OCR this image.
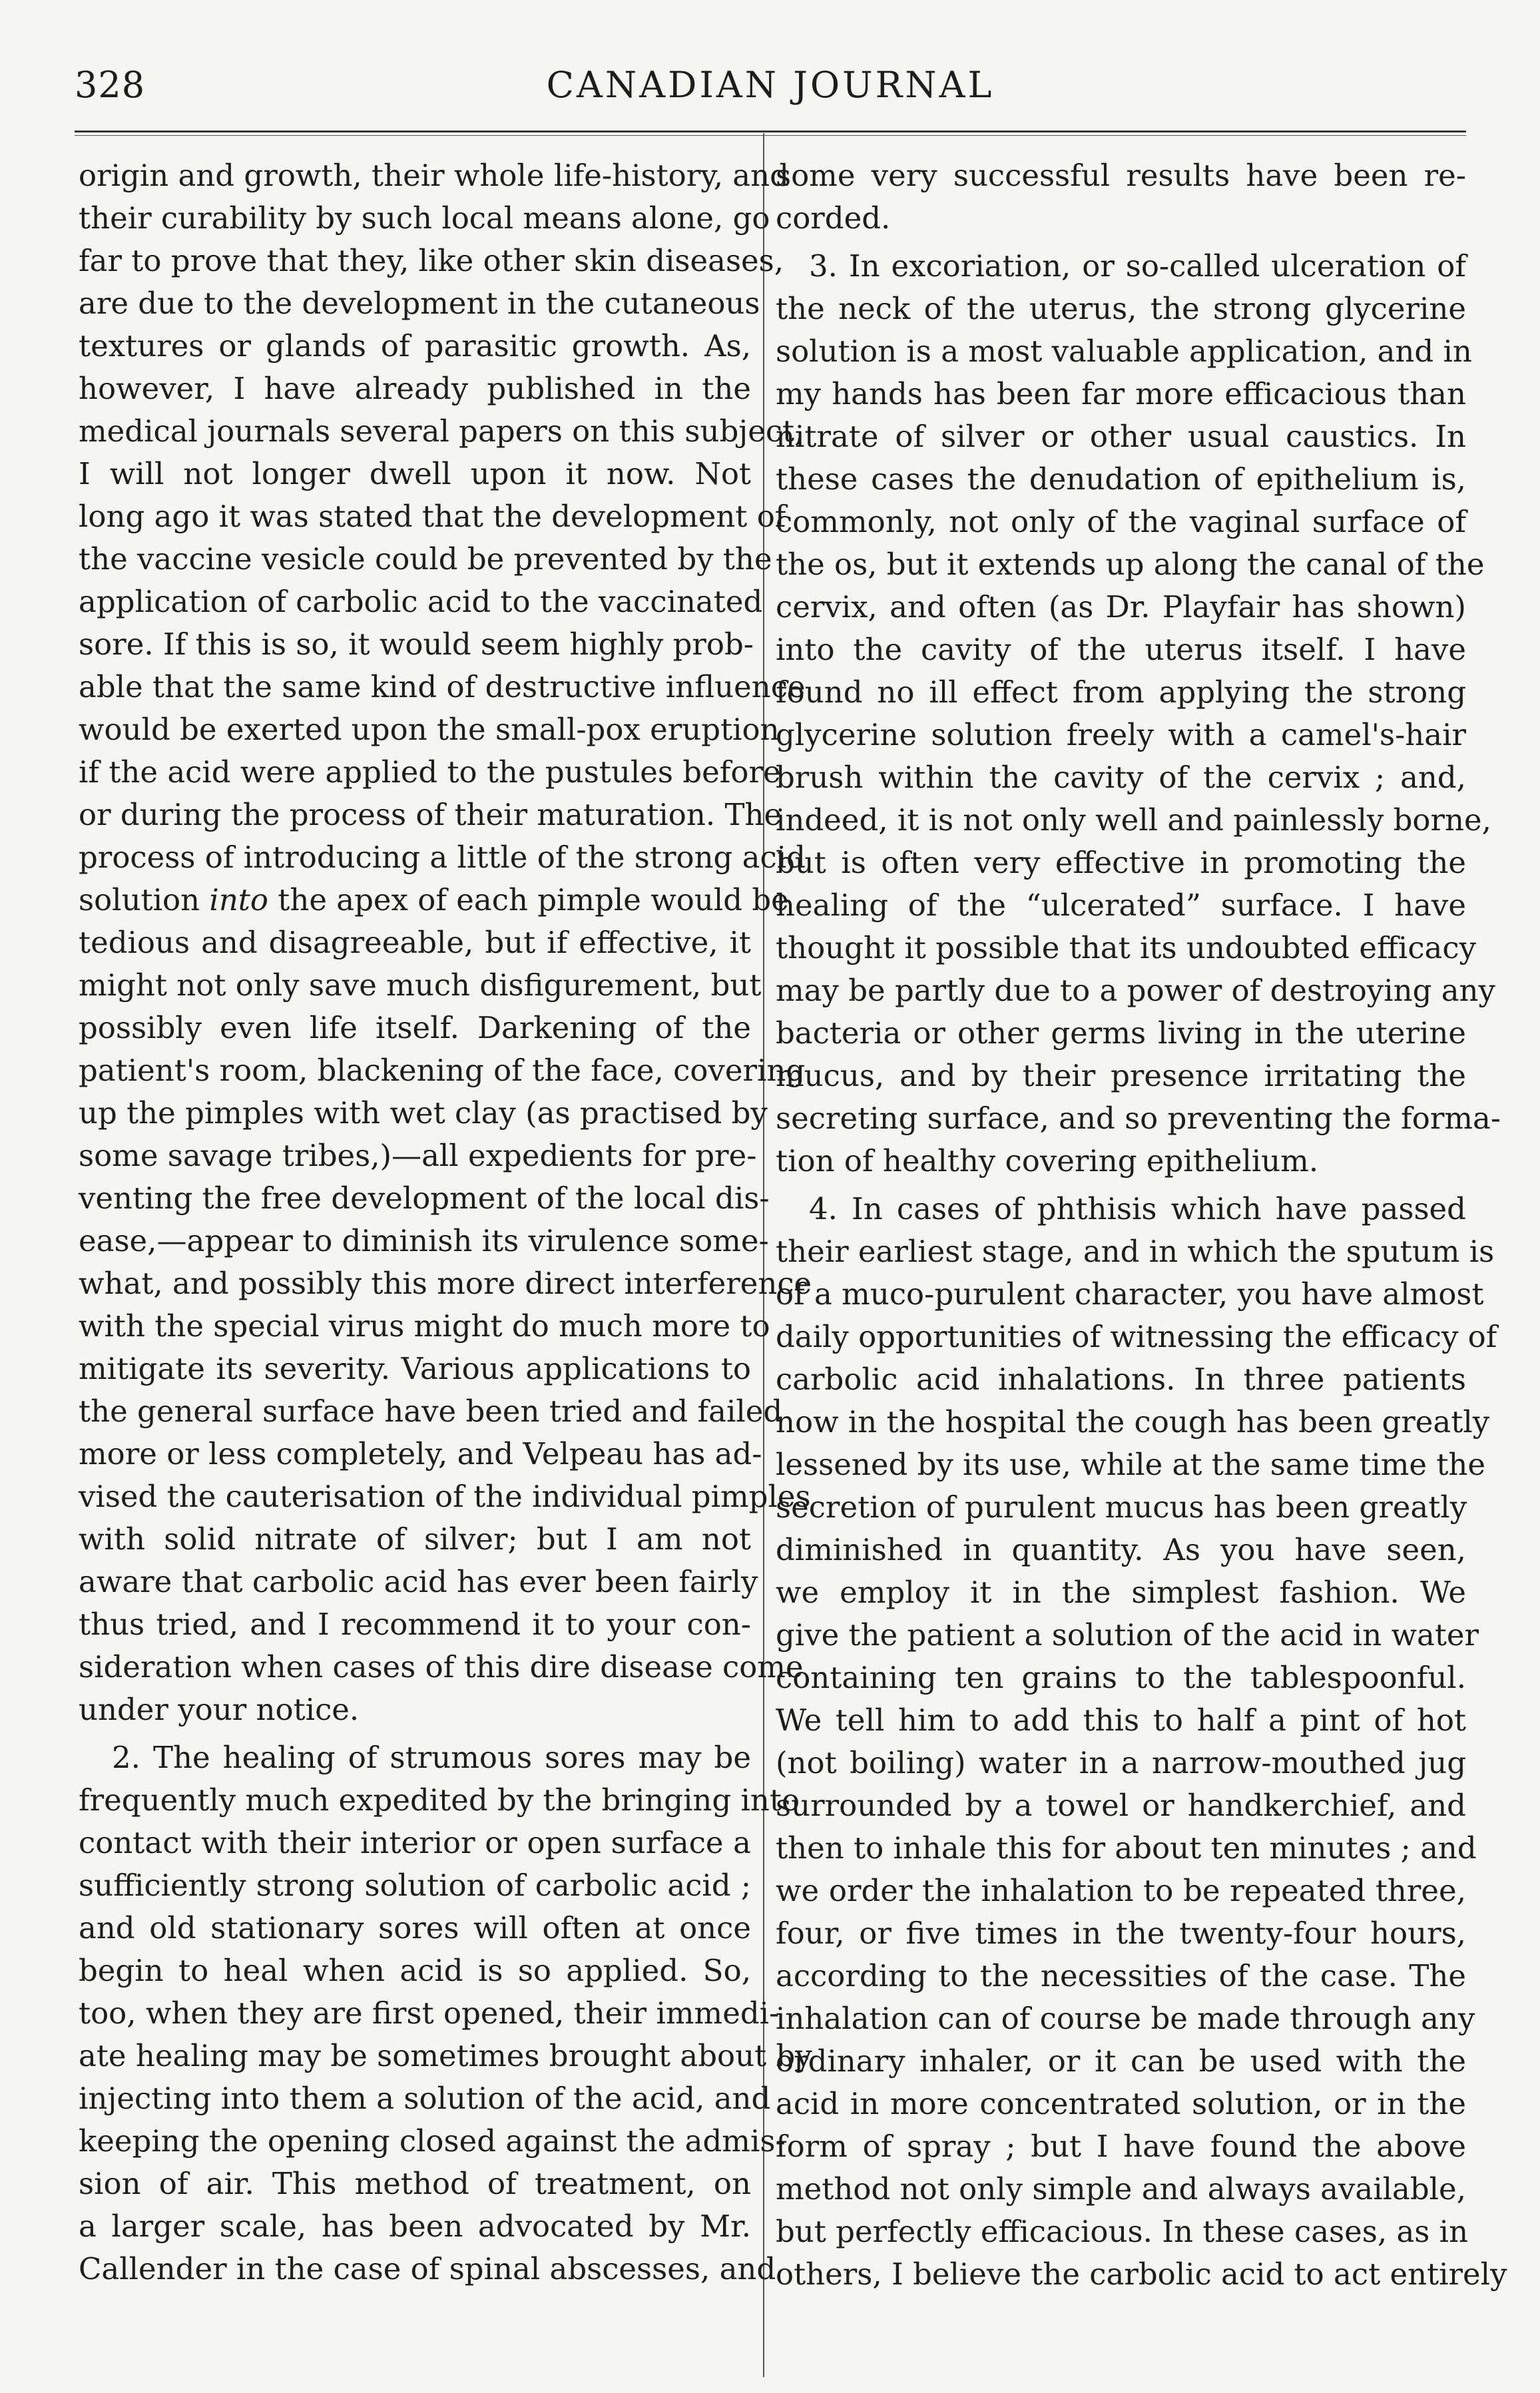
328	CANADIAN JOURNAL

origin and growth, their whole life-history, and
their curability by such local means alone, go
far to prove that they, like other skin diseases,
are due to the development in the cutaneous
textures or glands of parasitic growth. As,
however, I have already published in the
medical journals several papers on this subject,
I will not longer dwell upon it now. Not
long ago it was stated that the development of
the vaccine vesicle could be prevented by the
application of carbolic acid to the vaccinated
sore. If this is so, it would seem highly prob-
able that the same kind of destructive influence
would be exerted upon the small-pox eruption
if the acid were applied to the pustules before
or during the process of their maturation. The
process of introducing a little of the strong acid
solution into the apex of each pimple would be
tedious and disagreeable, but if effective, it
might not only save much disfigurement, but
possibly even life itself. Darkening of the
patient's room, blackening of the face, covering
up the pimples with wet clay (as practised by
some savage tribes,)—all expedients for pre-
venting the free development of the local dis-
ease,—appear to diminish its virulence some-
what, and possibly this more direct interference
with the special virus might do much more to
mitigate its severity. Various applications to
the general surface have been tried and failed
more or less completely, and Velpeau has ad-
vised the cauterisation of the individual pimples
with solid nitrate of silver; but I am not
aware that carbolic acid has ever been fairly
thus tried, and I recommend it to your con-
sideration when cases of this dire disease come
under your notice.

2. The healing of strumous sores may be
frequently much expedited by the bringing into
contact with their interior or open surface a
sufficiently strong solution of carbolic acid ;
and old stationary sores will often at once
begin to heal when acid is so applied. So,
too, when they are first opened, their immedi-
ate healing may be sometimes brought about by
injecting into them a solution of the acid, and
keeping the opening closed against the admis-
sion of air. This method of treatment, on
a larger scale, has been advocated by Mr.
Callender in the case of spinal abscesses, and

some very successful results have been re-
corded.

3. In excoriation, or so-called ulceration of
the neck of the uterus, the strong glycerine
solution is a most valuable application, and in
my hands has been far more efficacious than
nitrate of silver or other usual caustics. In
these cases the denudation of epithelium is,
commonly, not only of the vaginal surface of
the os, but it extends up along the canal of the
cervix, and often (as Dr. Playfair has shown)
into the cavity of the uterus itself. I have
found no ill effect from applying the strong
glycerine solution freely with a camel's-hair
brush within the cavity of the cervix ; and,
indeed, it is not only well and painlessly borne,
but is often very effective in promoting the
healing of the “ulcerated” surface. I have
thought it possible that its undoubted efficacy
may be partly due to a power of destroying any
bacteria or other germs living in the uterine
mucus, and by their presence irritating the
secreting surface, and so preventing the forma-
tion of healthy covering epithelium.

4. In cases of phthisis which have passed
their earliest stage, and in which the sputum is
of a muco-purulent character, you have almost
daily opportunities of witnessing the efficacy of
carbolic acid inhalations. In three patients
now in the hospital the cough has been greatly
lessened by its use, while at the same time the
secretion of purulent mucus has been greatly
diminished in quantity. As you have seen,
we employ it in the simplest fashion. We
give the patient a solution of the acid in water
containing ten grains to the tablespoonful.
We tell him to add this to half a pint of hot
(not boiling) water in a narrow-mouthed jug
surrounded by a towel or handkerchief, and
then to inhale this for about ten minutes ; and
we order the inhalation to be repeated three,
four, or five times in the twenty-four hours,
according to the necessities of the case. The
inhalation can of course be made through any
ordinary inhaler, or it can be used with the
acid in more concentrated solution, or in the
form of spray ; but I have found the above
method not only simple and always available,
but perfectly efficacious. In these cases, as in
others, I believe the carbolic acid to act entirely
